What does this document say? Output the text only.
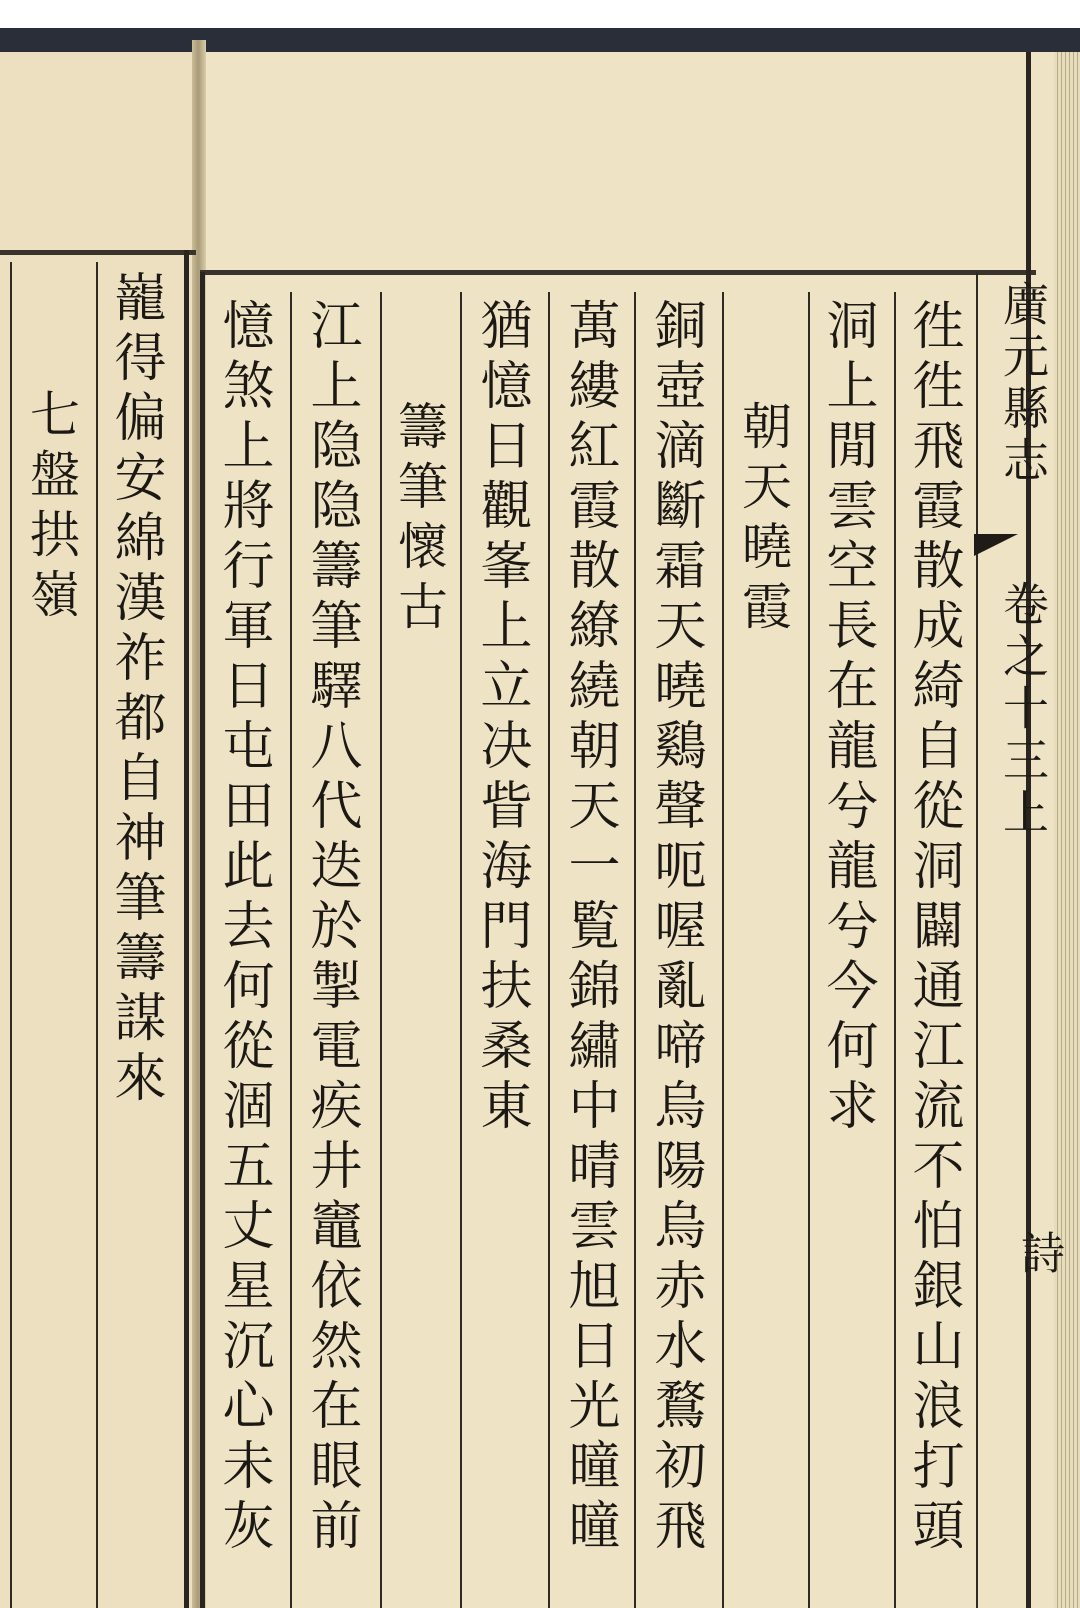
廣元縣志
卷之十三上
詩
徃徃飛霞散成綺自從洞闢通江流不怕銀山浪打頭
洞上閒雲空長在龍兮龍兮今何求
朝天曉霞
銅壺滴斷霜天曉鷄聲呃喔亂啼烏陽烏赤水鶩初飛
萬縷紅霞散繚繞朝天一覧錦繡中晴雲旭日光曈曈
猶憶日觀峯上立决眥海門扶桑東
籌筆懷古
江上隐隐籌筆驛八代迭於掣電疾井竈依然在眼前
憶煞上將行軍日屯田此去何從涸五丈星沉心未灰
巃得偏安綿漢祚都自神筆籌謀來
七盤拱嶺
